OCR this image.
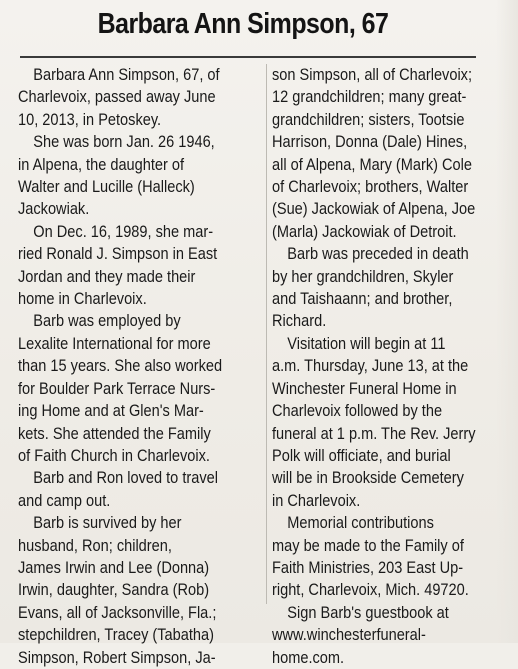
Barbara Ann Simpson, 67
Barbara Ann Simpson, 67, of
Charlevoix, passed away June
10, 2013, in Petoskey.
She was born Jan. 26 1946,
in Alpena, the daughter of
Walter and Lucille (Halleck)
Jackowiak.
On Dec. 16, 1989, she mar-
ried Ronald J. Simpson in East
Jordan and they made their
home in Charlevoix.
Barb was employed by
Lexalite International for more
than 15 years. She also worked
for Boulder Park Terrace Nurs-
ing Home and at Glen's Mar-
kets. She attended the Family
of Faith Church in Charlevoix.
Barb and Ron loved to travel
and camp out.
Barb is survived by her
husband, Ron; children,
James Irwin and Lee (Donna)
Irwin, daughter, Sandra (Rob)
Evans, all of Jacksonville, Fla.;
stepchildren, Tracey (Tabatha)
Simpson, Robert Simpson, Ja-
son Simpson, all of Charlevoix;
12 grandchildren; many great-
grandchildren; sisters, Tootsie
Harrison, Donna (Dale) Hines,
all of Alpena, Mary (Mark) Cole
of Charlevoix; brothers, Walter
(Sue) Jackowiak of Alpena, Joe
(Marla) Jackowiak of Detroit.
Barb was preceded in death
by her grandchildren, Skyler
and Taishaann; and brother,
Richard.
Visitation will begin at 11
a.m. Thursday, June 13, at the
Winchester Funeral Home in
Charlevoix followed by the
funeral at 1 p.m. The Rev. Jerry
Polk will officiate, and burial
will be in Brookside Cemetery
in Charlevoix.
Memorial contributions
may be made to the Family of
Faith Ministries, 203 East Up-
right, Charlevoix, Mich. 49720.
Sign Barb's guestbook at
www.winchesterfuneral-
home.com.
